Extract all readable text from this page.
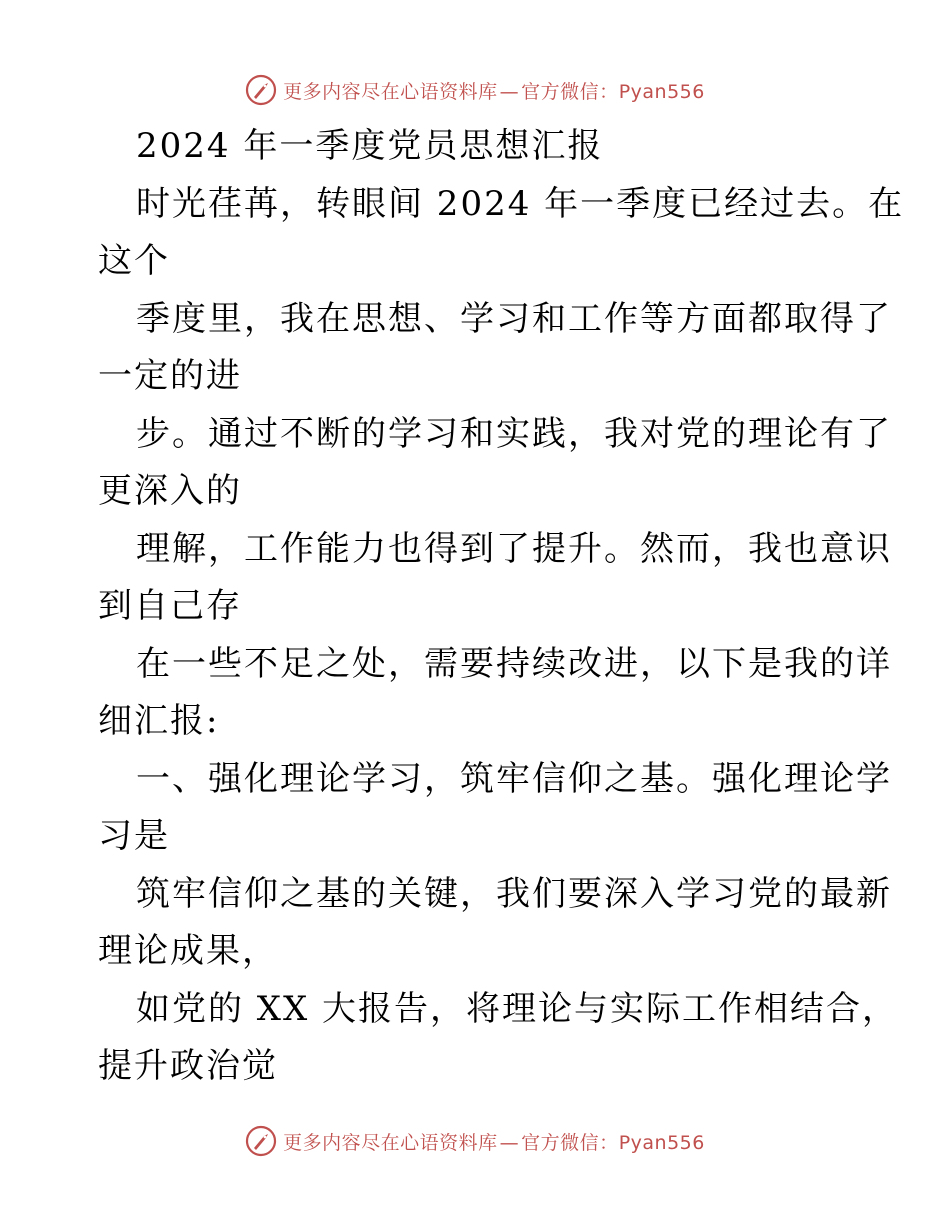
更多内容尽在心语资料库 — 官方微信：Pyan556
2024 年一季度党员思想汇报
时光荏苒，转眼间 2024 年一季度已经过去。在
这个
季度里，我在思想、学习和工作等方面都取得了
一定的进
步。通过不断的学习和实践，我对党的理论有了
更深入的
理解，工作能力也得到了提升。然而，我也意识
到自己存
在一些不足之处，需要持续改进，以下是我的详
细汇报:
一、强化理论学习，筑牢信仰之基。强化理论学
习是
筑牢信仰之基的关键，我们要深入学习党的最新
理论成果，
如党的 XX 大报告，将理论与实际工作相结合，
提升政治觉
更多内容尽在心语资料库 — 官方微信：Pyan556
